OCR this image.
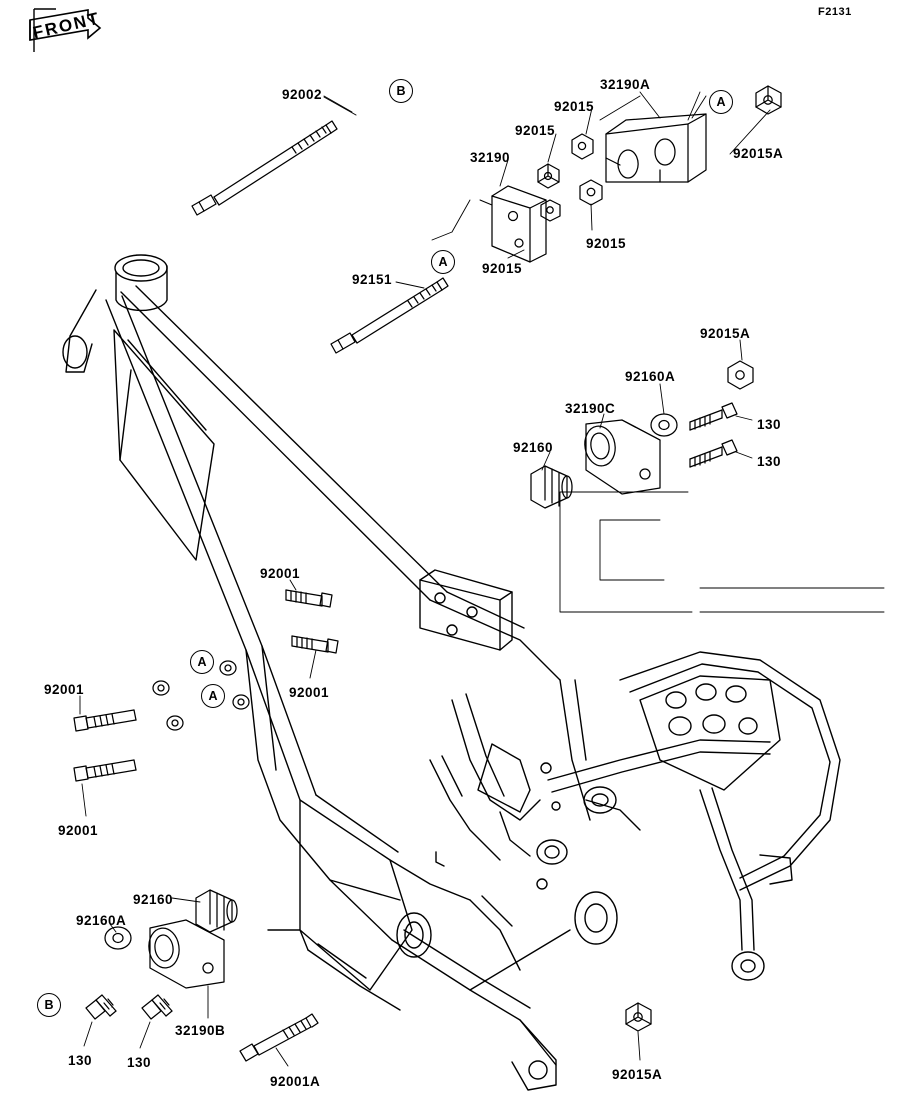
F2131
FRONT
92002
32190A
92015
92015A
92015
32190
92015
92015
92151
92015A
92160A
32190C
130
92160
130
92001
92001
92001
92001
92160
92160A
32190B
130	130
92001A	92015A
B
A
A
A
A
B
